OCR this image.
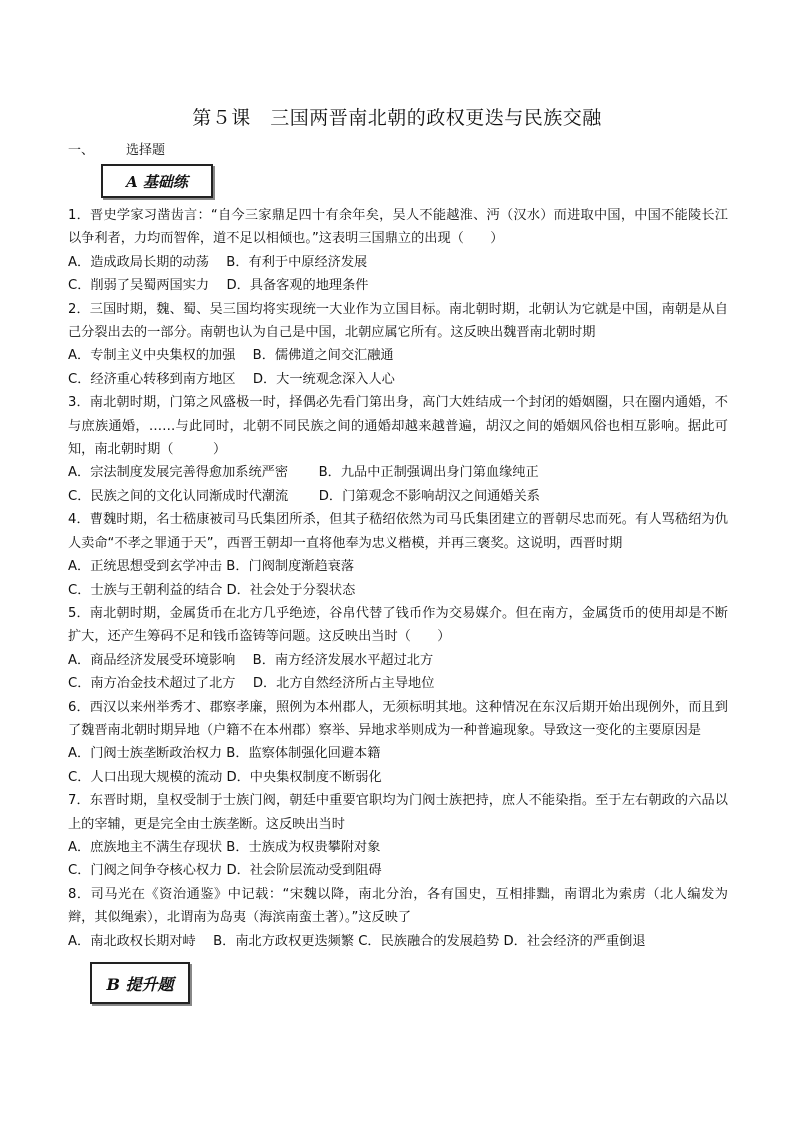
第５课　三国两晋南北朝的政权更迭与民族交融
一、 选择题
A 基础练

1．晋史学家习凿齿言：“自今三家鼎足四十有余年矣，吴人不能越淮、沔（汉水）而进取中国，中国不能陵长江以争利者，力均而智侔，道不足以相倾也。”这表明三国鼎立的出现（　　）

A．造成政局长期的动荡　 B．有利于中原经济发展

C．削弱了吴蜀两国实力　 D．具备客观的地理条件

2．三国时期，魏、蜀、吴三国均将实现统一大业作为立国目标。南北朝时期，北朝认为它就是中国，南朝是从自己分裂出去的一部分。南朝也认为自己是中国，北朝应属它所有。这反映出魏晋南北朝时期

A．专制主义中央集权的加强　 B．儒佛道之间交汇融通

C．经济重心转移到南方地区　 D．大一统观念深入人心

3．南北朝时期，门第之风盛极一时，择偶必先看门第出身，高门大姓结成一个封闭的婚姻圈，只在圈内通婚，不与庶族通婚，……与此同时，北朝不同民族之间的通婚却越来越普遍，胡汉之间的婚姻风俗也相互影响。据此可知，南北朝时期（　　　）

A．宗法制度发展完善得愈加系统严密　　 B．九品中正制强调出身门第血缘纯正

C．民族之间的文化认同渐成时代潮流　　 D．门第观念不影响胡汉之间通婚关系

4．曹魏时期，名士嵇康被司马氏集团所杀，但其子嵇绍依然为司马氏集团建立的晋朝尽忠而死。有人骂嵇绍为仇人卖命“不孝之罪通于天”，西晋王朝却一直将他奉为忠义楷模，并再三褒奖。这说明，西晋时期

A．正统思想受到玄学冲击 B．门阀制度渐趋衰落

C．士族与王朝利益的结合 D．社会处于分裂状态

5．南北朝时期，金属货币在北方几乎绝迹，谷帛代替了钱币作为交易媒介。但在南方，金属货币的使用却是不断扩大，还产生筹码不足和钱币盗铸等问题。这反映出当时（　　）

A．商品经济发展受环境影响　 B．南方经济发展水平超过北方

C．南方冶金技术超过了北方　 D．北方自然经济所占主导地位

6．西汉以来州举秀才、郡察孝廉，照例为本州郡人，无须标明其地。这种情况在东汉后期开始出现例外，而且到了魏晋南北朝时期异地（户籍不在本州郡）察举、异地求举则成为一种普遍现象。导致这一变化的主要原因是

A．门阀士族垄断政治权力 B．监察体制强化回避本籍

C．人口出现大规模的流动 D．中央集权制度不断弱化

7．东晋时期，皇权受制于士族门阀，朝廷中重要官职均为门阀士族把持，庶人不能染指。至于左右朝政的六品以上的宰辅，更是完全由士族垄断。这反映出当时

A．庶族地主不满生存现状 B．士族成为权贵攀附对象

C．门阀之间争夺核心权力 D．社会阶层流动受到阻碍

8．司马光在《资治通鉴》中记载：“宋魏以降，南北分治，各有国史，互相排黜，南谓北为索虏（北人编发为辫，其似绳索），北谓南为岛夷（海滨南蛮土著）。”这反映了

A．南北政权长期对峙　 B．南北方政权更迭频繁 C．民族融合的发展趋势 D．社会经济的严重倒退

B 提升题
